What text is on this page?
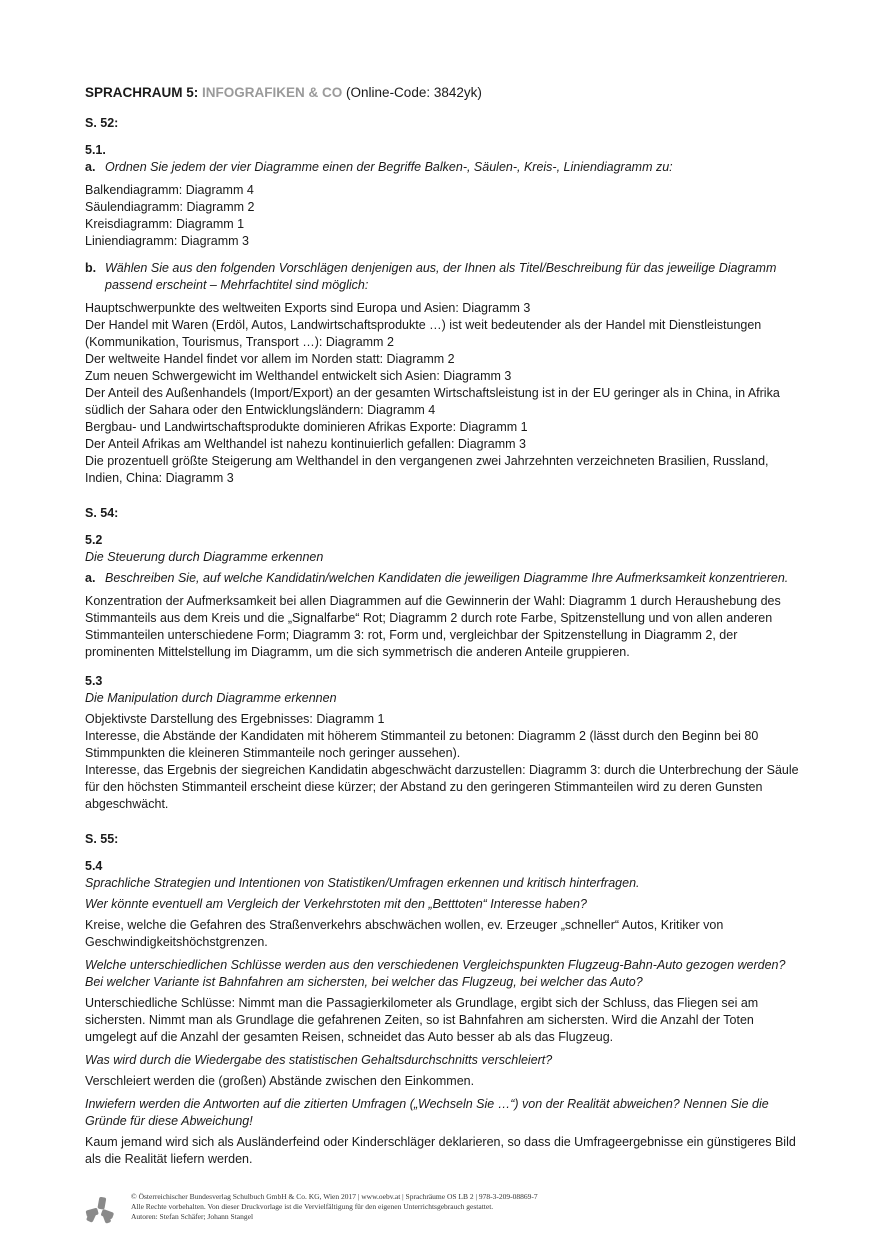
SPRACHRAUM 5: INFOGRAFIKEN & CO (Online-Code: 3842yk)
S. 52:
5.1.
a. Ordnen Sie jedem der vier Diagramme einen der Begriffe Balken-, Säulen-, Kreis-, Liniendiagramm zu:

Balkendiagramm: Diagramm 4

Säulendiagramm: Diagramm 2

Kreisdiagramm: Diagramm 1

Liniendiagramm: Diagramm 3

b. Wählen Sie aus den folgenden Vorschlägen denjenigen aus, der Ihnen als Titel/Beschreibung für das jeweilige Diagramm passend erscheint – Mehrfachtitel sind möglich:

Hauptschwerpunkte des weltweiten Exports sind Europa und Asien: Diagramm 3

Der Handel mit Waren (Erdöl, Autos, Landwirtschaftsprodukte …) ist weit bedeutender als der Handel mit Dienstleistungen (Kommunikation, Tourismus, Transport …): Diagramm 2

Der weltweite Handel findet vor allem im Norden statt: Diagramm 2

Zum neuen Schwergewicht im Welthandel entwickelt sich Asien: Diagramm 3

Der Anteil des Außenhandels (Import/Export) an der gesamten Wirtschaftsleistung ist in der EU geringer als in China, in Afrika südlich der Sahara oder den Entwicklungsländern: Diagramm 4

Bergbau- und Landwirtschaftsprodukte dominieren Afrikas Exporte: Diagramm 1

Der Anteil Afrikas am Welthandel ist nahezu kontinuierlich gefallen: Diagramm 3

Die prozentuell größte Steigerung am Welthandel in den vergangenen zwei Jahrzehnten verzeichneten Brasilien, Russland, Indien, China: Diagramm 3

S. 54:
5.2
Die Steuerung durch Diagramme erkennen
a. Beschreiben Sie, auf welche Kandidatin/welchen Kandidaten die jeweiligen Diagramme Ihre Aufmerksamkeit konzentrieren.

Konzentration der Aufmerksamkeit bei allen Diagrammen auf die Gewinnerin der Wahl: Diagramm 1 durch Heraushebung des Stimmanteils aus dem Kreis und die „Signalfarbe“ Rot; Diagramm 2 durch rote Farbe, Spitzenstellung und von allen anderen Stimmanteilen unterschiedene Form; Diagramm 3: rot, Form und, vergleichbar der Spitzenstellung in Diagramm 2, der prominenten Mittelstellung im Diagramm, um die sich symmetrisch die anderen Anteile gruppieren.

5.3
Die Manipulation durch Diagramme erkennen

Objektivste Darstellung des Ergebnisses: Diagramm 1

Interesse, die Abstände der Kandidaten mit höherem Stimmanteil zu betonen: Diagramm 2 (lässt durch den Beginn bei 80 Stimmpunkten die kleineren Stimmanteile noch geringer aussehen).

Interesse, das Ergebnis der siegreichen Kandidatin abgeschwächt darzustellen: Diagramm 3: durch die Unterbrechung der Säule für den höchsten Stimmanteil erscheint diese kürzer; der Abstand zu den geringeren Stimmanteilen wird zu deren Gunsten abgeschwächt.

S. 55:
5.4
Sprachliche Strategien und Intentionen von Statistiken/Umfragen erkennen und kritisch hinterfragen.
Wer könnte eventuell am Vergleich der Verkehrstoten mit den „Betttoten“ Interesse haben?

Kreise, welche die Gefahren des Straßenverkehrs abschwächen wollen, ev. Erzeuger „schneller“ Autos, Kritiker von Geschwindigkeitshöchstgrenzen.

Welche unterschiedlichen Schlüsse werden aus den verschiedenen Vergleichspunkten Flugzeug-Bahn-Auto gezogen werden? Bei welcher Variante ist Bahnfahren am sichersten, bei welcher das Flugzeug, bei welcher das Auto?

Unterschiedliche Schlüsse: Nimmt man die Passagierkilometer als Grundlage, ergibt sich der Schluss, das Fliegen sei am sichersten. Nimmt man als Grundlage die gefahrenen Zeiten, so ist Bahnfahren am sichersten. Wird die Anzahl der Toten umgelegt auf die Anzahl der gesamten Reisen, schneidet das Auto besser ab als das Flugzeug.

Was wird durch die Wiedergabe des statistischen Gehaltsdurchschnitts verschleiert?

Verschleiert werden die (großen) Abstände zwischen den Einkommen.

Inwiefern werden die Antworten auf die zitierten Umfragen („Wechseln Sie …“) von der Realität abweichen? Nennen Sie die Gründe für diese Abweichung!

Kaum jemand wird sich als Ausländerfeind oder Kinderschläger deklarieren, so dass die Umfrageergebnisse ein günstigeres Bild als die Realität liefern werden.

© Österreichischer Bundesverlag Schulbuch GmbH & Co. KG, Wien 2017 | www.oebv.at | Sprachräume OS LB 2 | 978-3-209-08869-7
Alle Rechte vorbehalten. Von dieser Druckvorlage ist die Vervielfältigung für den eigenen Unterrichtsgebrauch gestattet.
Autoren: Stefan Schäfer; Johann Stangel
